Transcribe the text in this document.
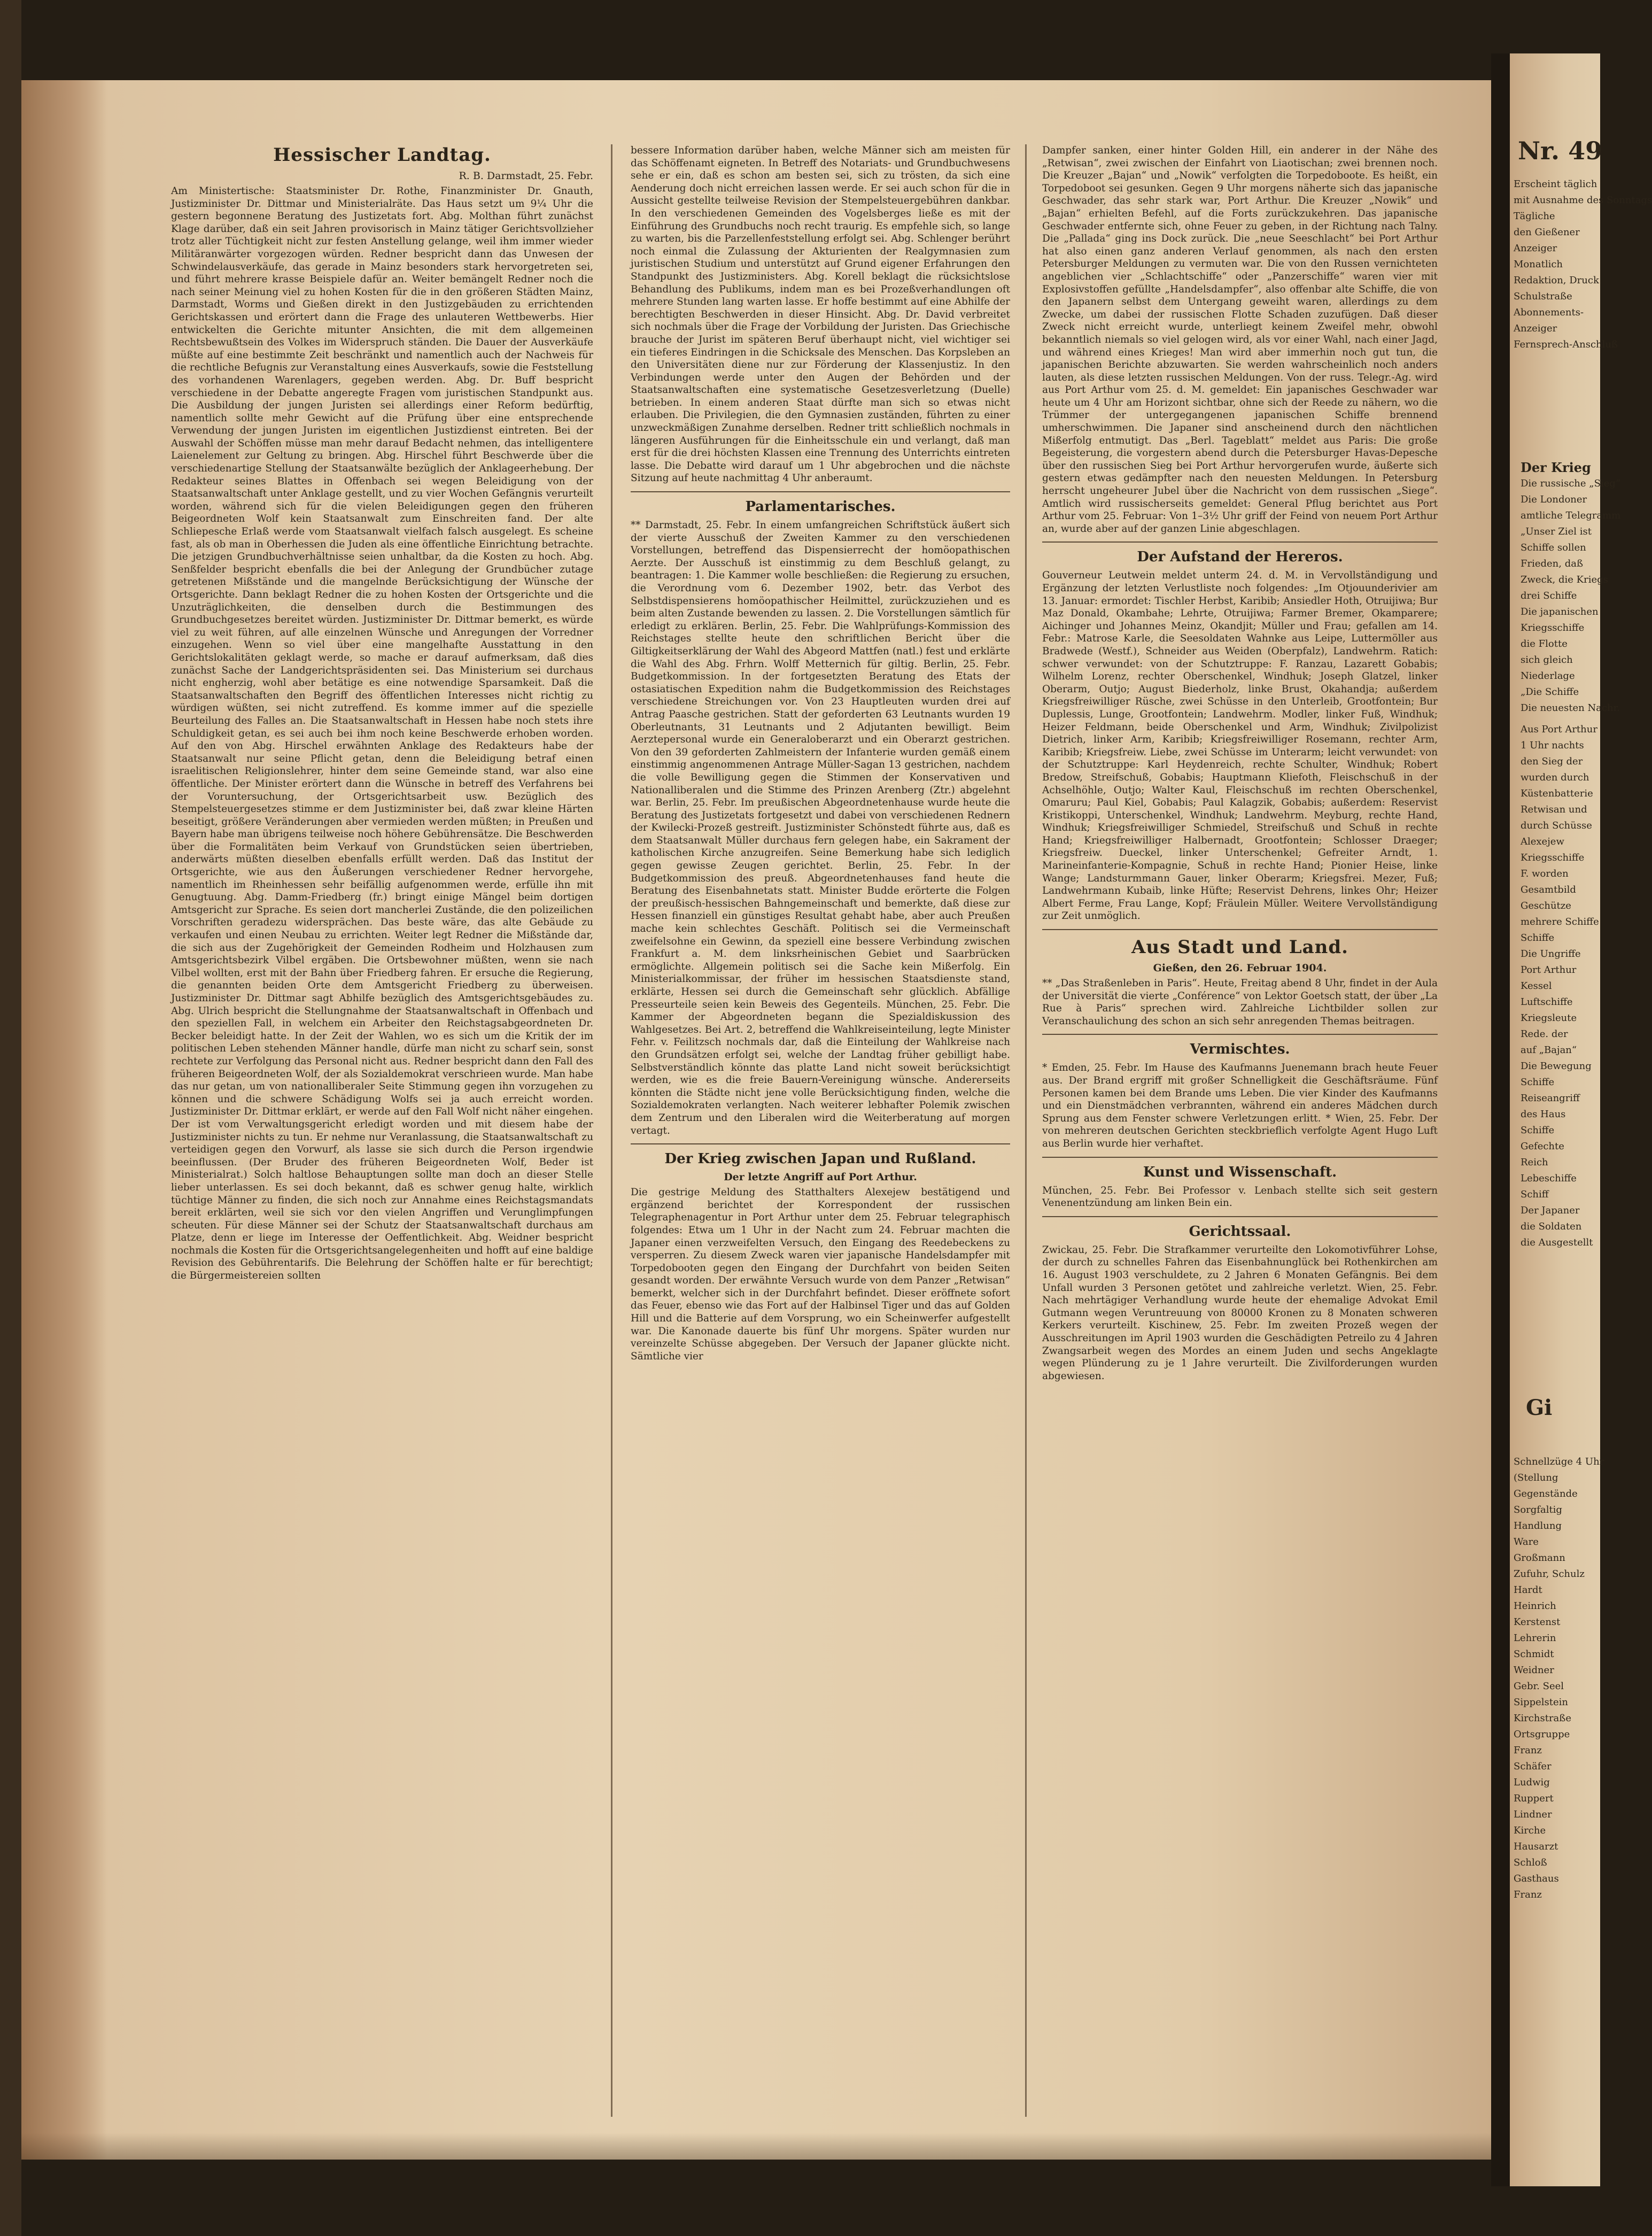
Hessischer Landtag.

R. B. Darmstadt, 25. Febr.

Am Ministertische: Staatsminister Dr. Rothe, Finanzminister Dr. Gnauth, Justizminister Dr. Dittmar und Ministerialräte. Das Haus setzt um 9¼ Uhr die gestern begonnene Beratung des Justizetats fort. Abg. Molthan führt zunächst Klage darüber, daß ein seit Jahren provisorisch in Mainz tätiger Gerichtsvollzieher trotz aller Tüchtigkeit nicht zur festen Anstellung gelange, weil ihm immer wieder Militäranwärter vorgezogen würden. Redner bespricht dann das Unwesen der Schwindelausverkäufe, das gerade in Mainz besonders stark hervorgetreten sei, und führt mehrere krasse Beispiele dafür an. Weiter bemängelt Redner noch die nach seiner Meinung viel zu hohen Kosten für die in den größeren Städten Mainz, Darmstadt, Worms und Gießen direkt in den Justizgebäuden zu errichtenden Gerichtskassen und erörtert dann die Frage des unlauteren Wettbewerbs. Hier entwickelten die Gerichte mitunter Ansichten, die mit dem allgemeinen Rechtsbewußtsein des Volkes im Widerspruch ständen. Die Dauer der Ausverkäufe müßte auf eine bestimmte Zeit beschränkt und namentlich auch der Nachweis für die rechtliche Befugnis zur Veranstaltung eines Ausverkaufs, sowie die Feststellung des vorhandenen Warenlagers, gegeben werden. Abg. Dr. Buff bespricht verschiedene in der Debatte angeregte Fragen vom juristischen Standpunkt aus. Die Ausbildung der jungen Juristen sei allerdings einer Reform bedürftig, namentlich sollte mehr Gewicht auf die Prüfung über eine entsprechende Verwendung der jungen Juristen im eigentlichen Justizdienst eintreten. Bei der Auswahl der Schöffen müsse man mehr darauf Bedacht nehmen, das intelligentere Laienelement zur Geltung zu bringen. Abg. Hirschel führt Beschwerde über die verschiedenartige Stellung der Staatsanwälte bezüglich der Anklageerhebung. Der Redakteur seines Blattes in Offenbach sei wegen Beleidigung von der Staatsanwaltschaft unter Anklage gestellt, und zu vier Wochen Gefängnis verurteilt worden, während sich für die vielen Beleidigungen gegen den früheren Beigeordneten Wolf kein Staatsanwalt zum Einschreiten fand. Der alte Schliepesche Erlaß werde vom Staatsanwalt vielfach falsch ausgelegt. Es scheine fast, als ob man in Oberhessen die Juden als eine öffentliche Einrichtung betrachte. Die jetzigen Grundbuchverhältnisse seien unhaltbar, da die Kosten zu hoch. Abg. Senßfelder bespricht ebenfalls die bei der Anlegung der Grundbücher zutage getretenen Mißstände und die mangelnde Berücksichtigung der Wünsche der Ortsgerichte. Dann beklagt Redner die zu hohen Kosten der Ortsgerichte und die Unzuträglichkeiten, die denselben durch die Bestimmungen des Grundbuchgesetzes bereitet würden. Justizminister Dr. Dittmar bemerkt, es würde viel zu weit führen, auf alle einzelnen Wünsche und Anregungen der Vorredner einzugehen. Wenn so viel über eine mangelhafte Ausstattung in den Gerichtslokalitäten geklagt werde, so mache er darauf aufmerksam, daß dies zunächst Sache der Landgerichtspräsidenten sei. Das Ministerium sei durchaus nicht engherzig, wohl aber betätige es eine notwendige Sparsamkeit. Daß die Staatsanwaltschaften den Begriff des öffentlichen Interesses nicht richtig zu würdigen wüßten, sei nicht zutreffend. Es komme immer auf die spezielle Beurteilung des Falles an. Die Staatsanwaltschaft in Hessen habe noch stets ihre Schuldigkeit getan, es sei auch bei ihm noch keine Beschwerde erhoben worden. Auf den von Abg. Hirschel erwähnten Anklage des Redakteurs habe der Staatsanwalt nur seine Pflicht getan, denn die Beleidigung betraf einen israelitischen Religionslehrer, hinter dem seine Gemeinde stand, war also eine öffentliche. Der Minister erörtert dann die Wünsche in betreff des Verfahrens bei der Voruntersuchung, der Ortsgerichtsarbeit usw. Bezüglich des Stempelsteuergesetzes stimme er dem Justizminister bei, daß zwar kleine Härten beseitigt, größere Veränderungen aber vermieden werden müßten; in Preußen und Bayern habe man übrigens teilweise noch höhere Gebührensätze. Die Beschwerden über die Formalitäten beim Verkauf von Grundstücken seien übertrieben, anderwärts müßten dieselben ebenfalls erfüllt werden. Daß das Institut der Ortsgerichte, wie aus den Äußerungen verschiedener Redner hervorgehe, namentlich im Rheinhessen sehr beifällig aufgenommen werde, erfülle ihn mit Genugtuung. Abg. Damm-Friedberg (fr.) bringt einige Mängel beim dortigen Amtsgericht zur Sprache. Es seien dort mancherlei Zustände, die den polizeilichen Vorschriften geradezu widersprächen. Das beste wäre, das alte Gebäude zu verkaufen und einen Neubau zu errichten. Weiter legt Redner die Mißstände dar, die sich aus der Zugehörigkeit der Gemeinden Rodheim und Holzhausen zum Amtsgerichtsbezirk Vilbel ergäben. Die Ortsbewohner müßten, wenn sie nach Vilbel wollten, erst mit der Bahn über Friedberg fahren. Er ersuche die Regierung, die genannten beiden Orte dem Amtsgericht Friedberg zu überweisen. Justizminister Dr. Dittmar sagt Abhilfe bezüglich des Amtsgerichtsgebäudes zu. Abg. Ulrich bespricht die Stellungnahme der Staatsanwaltschaft in Offenbach und den speziellen Fall, in welchem ein Arbeiter den Reichstagsabgeordneten Dr. Becker beleidigt hatte. In der Zeit der Wahlen, wo es sich um die Kritik der im politischen Leben stehenden Männer handle, dürfe man nicht zu scharf sein, sonst rechtete zur Verfolgung das Personal nicht aus. Redner bespricht dann den Fall des früheren Beigeordneten Wolf, der als Sozialdemokrat verschrieen wurde. Man habe das nur getan, um von nationalliberaler Seite Stimmung gegen ihn vorzugehen zu können und die schwere Schädigung Wolfs sei ja auch erreicht worden. Justizminister Dr. Dittmar erklärt, er werde auf den Fall Wolf nicht näher eingehen. Der ist vom Verwaltungsgericht erledigt worden und mit diesem habe der Justizminister nichts zu tun. Er nehme nur Veranlassung, die Staatsanwaltschaft zu verteidigen gegen den Vorwurf, als lasse sie sich durch die Person irgendwie beeinflussen. (Der Bruder des früheren Beigeordneten Wolf, Beder ist Ministerialrat.) Solch haltlose Behauptungen sollte man doch an dieser Stelle lieber unterlassen. Es sei doch bekannt, daß es schwer genug halte, wirklich tüchtige Männer zu finden, die sich noch zur Annahme eines Reichstagsmandats bereit erklärten, weil sie sich vor den vielen Angriffen und Verunglimpfungen scheuten. Für diese Männer sei der Schutz der Staatsanwaltschaft durchaus am Platze, denn er liege im Interesse der Oeffentlichkeit. Abg. Weidner bespricht nochmals die Kosten für die Ortsgerichtsangelegenheiten und hofft auf eine baldige Revision des Gebührentarifs. Die Belehrung der Schöffen halte er für berechtigt; die Bürgermeistereien sollten

bessere Information darüber haben, welche Männer sich am meisten für das Schöffenamt eigneten. In Betreff des Notariats- und Grundbuchwesens sehe er ein, daß es schon am besten sei, sich zu trösten, da sich eine Aenderung doch nicht erreichen lassen werde. Er sei auch schon für die in Aussicht gestellte teilweise Revision der Stempelsteuergebühren dankbar. In den verschiedenen Gemeinden des Vogelsberges ließe es mit der Einführung des Grundbuchs noch recht traurig. Es empfehle sich, so lange zu warten, bis die Parzellenfeststellung erfolgt sei. Abg. Schlenger berührt noch einmal die Zulassung der Akturienten der Realgymnasien zum juristischen Studium und unterstützt auf Grund eigener Erfahrungen den Standpunkt des Justizministers. Abg. Korell beklagt die rücksichtslose Behandlung des Publikums, indem man es bei Prozeßverhandlungen oft mehrere Stunden lang warten lasse. Er hoffe bestimmt auf eine Abhilfe der berechtigten Beschwerden in dieser Hinsicht. Abg. Dr. David verbreitet sich nochmals über die Frage der Vorbildung der Juristen. Das Griechische brauche der Jurist im späteren Beruf überhaupt nicht, viel wichtiger sei ein tieferes Eindringen in die Schicksale des Menschen. Das Korpsleben an den Universitäten diene nur zur Förderung der Klassenjustiz. In den Verbindungen werde unter den Augen der Behörden und der Staatsanwaltschaften eine systematische Gesetzesverletzung (Duelle) betrieben. In einem anderen Staat dürfte man sich so etwas nicht erlauben. Die Privilegien, die den Gymnasien zuständen, führten zu einer unzweckmäßigen Zunahme derselben. Redner tritt schließlich nochmals in längeren Ausführungen für die Einheitsschule ein und verlangt, daß man erst für die drei höchsten Klassen eine Trennung des Unterrichts eintreten lasse. Die Debatte wird darauf um 1 Uhr abgebrochen und die nächste Sitzung auf heute nachmittag 4 Uhr anberaumt.

Parlamentarisches.

** Darmstadt, 25. Febr. In einem umfangreichen Schriftstück äußert sich der vierte Ausschuß der Zweiten Kammer zu den verschiedenen Vorstellungen, betreffend das Dispensierrecht der homöopathischen Aerzte. Der Ausschuß ist einstimmig zu dem Beschluß gelangt, zu beantragen: 1. Die Kammer wolle beschließen: die Regierung zu ersuchen, die Verordnung vom 6. Dezember 1902, betr. das Verbot des Selbstdispensierens homöopathischer Heilmittel, zurückzuziehen und es beim alten Zustande bewenden zu lassen. 2. Die Vorstellungen sämtlich für erledigt zu erklären. Berlin, 25. Febr. Die Wahlprüfungs-Kommission des Reichstages stellte heute den schriftlichen Bericht über die Giltigkeitserklärung der Wahl des Abgeord Mattfen (natl.) fest und erklärte die Wahl des Abg. Frhrn. Wolff Metternich für giltig. Berlin, 25. Febr. Budgetkommission. In der fortgesetzten Beratung des Etats der ostasiatischen Expedition nahm die Budgetkommission des Reichstages verschiedene Streichungen vor. Von 23 Hauptleuten wurden drei auf Antrag Paasche gestrichen. Statt der geforderten 63 Leutnants wurden 19 Oberleutnants, 31 Leutnants und 2 Adjutanten bewilligt. Beim Aerztepersonal wurde ein Generaloberarzt und ein Oberarzt gestrichen. Von den 39 geforderten Zahlmeistern der Infanterie wurden gemäß einem einstimmig angenommenen Antrage Müller-Sagan 13 gestrichen, nachdem die volle Bewilligung gegen die Stimmen der Konservativen und Nationalliberalen und die Stimme des Prinzen Arenberg (Ztr.) abgelehnt war. Berlin, 25. Febr. Im preußischen Abgeordnetenhause wurde heute die Beratung des Justizetats fortgesetzt und dabei von verschiedenen Rednern der Kwilecki-Prozeß gestreift. Justizminister Schönstedt führte aus, daß es dem Staatsanwalt Müller durchaus fern gelegen habe, ein Sakrament der katholischen Kirche anzugreifen. Seine Bemerkung habe sich lediglich gegen gewisse Zeugen gerichtet. Berlin, 25. Febr. In der Budgetkommission des preuß. Abgeordnetenhauses fand heute die Beratung des Eisenbahnetats statt. Minister Budde erörterte die Folgen der preußisch-hessischen Bahngemeinschaft und bemerkte, daß diese zur Hessen finanziell ein günstiges Resultat gehabt habe, aber auch Preußen mache kein schlechtes Geschäft. Politisch sei die Vermeinschaft zweifelsohne ein Gewinn, da speziell eine bessere Verbindung zwischen Frankfurt a. M. dem linksrheinischen Gebiet und Saarbrücken ermöglichte. Allgemein politisch sei die Sache kein Mißerfolg. Ein Ministerialkommissar, der früher im hessischen Staatsdienste stand, erklärte, Hessen sei durch die Gemeinschaft sehr glücklich. Abfällige Presseurteile seien kein Beweis des Gegenteils. München, 25. Febr. Die Kammer der Abgeordneten begann die Spezialdiskussion des Wahlgesetzes. Bei Art. 2, betreffend die Wahlkreiseinteilung, legte Minister Fehr. v. Feilitzsch nochmals dar, daß die Einteilung der Wahlkreise nach den Grundsätzen erfolgt sei, welche der Landtag früher gebilligt habe. Selbstverständlich könnte das platte Land nicht soweit berücksichtigt werden, wie es die freie Bauern-Vereinigung wünsche. Andererseits könnten die Städte nicht jene volle Berücksichtigung finden, welche die Sozialdemokraten verlangten. Nach weiterer lebhafter Polemik zwischen dem Zentrum und den Liberalen wird die Weiterberatung auf morgen vertagt.

Der Krieg zwischen Japan und Rußland.

Der letzte Angriff auf Port Arthur.

Die gestrige Meldung des Statthalters Alexejew bestätigend und ergänzend berichtet der Korrespondent der russischen Telegraphenagentur in Port Arthur unter dem 25. Februar telegraphisch folgendes: Etwa um 1 Uhr in der Nacht zum 24. Februar machten die Japaner einen verzweifelten Versuch, den Eingang des Reedebeckens zu versperren. Zu diesem Zweck waren vier japanische Handelsdampfer mit Torpedobooten gegen den Eingang der Durchfahrt von beiden Seiten gesandt worden. Der erwähnte Versuch wurde von dem Panzer „Retwisan“ bemerkt, welcher sich in der Durchfahrt befindet. Dieser eröffnete sofort das Feuer, ebenso wie das Fort auf der Halbinsel Tiger und das auf Golden Hill und die Batterie auf dem Vorsprung, wo ein Scheinwerfer aufgestellt war. Die Kanonade dauerte bis fünf Uhr morgens. Später wurden nur vereinzelte Schüsse abgegeben. Der Versuch der Japaner glückte nicht. Sämtliche vier

Dampfer sanken, einer hinter Golden Hill, ein anderer in der Nähe des „Retwisan“, zwei zwischen der Einfahrt von Liaotischan; zwei brennen noch. Die Kreuzer „Bajan“ und „Nowik“ verfolgten die Torpedoboote. Es heißt, ein Torpedoboot sei gesunken. Gegen 9 Uhr morgens näherte sich das japanische Geschwader, das sehr stark war, Port Arthur. Die Kreuzer „Nowik“ und „Bajan“ erhielten Befehl, auf die Forts zurückzukehren. Das japanische Geschwader entfernte sich, ohne Feuer zu geben, in der Richtung nach Talny. Die „Pallada“ ging ins Dock zurück. Die „neue Seeschlacht“ bei Port Arthur hat also einen ganz anderen Verlauf genommen, als nach den ersten Petersburger Meldungen zu vermuten war. Die von den Russen vernichteten angeblichen vier „Schlachtschiffe“ oder „Panzerschiffe“ waren vier mit Explosivstoffen gefüllte „Handelsdampfer“, also offenbar alte Schiffe, die von den Japanern selbst dem Untergang geweiht waren, allerdings zu dem Zwecke, um dabei der russischen Flotte Schaden zuzufügen. Daß dieser Zweck nicht erreicht wurde, unterliegt keinem Zweifel mehr, obwohl bekanntlich niemals so viel gelogen wird, als vor einer Wahl, nach einer Jagd, und während eines Krieges! Man wird aber immerhin noch gut tun, die japanischen Berichte abzuwarten. Sie werden wahrscheinlich noch anders lauten, als diese letzten russischen Meldungen. Von der russ. Telegr.-Ag. wird aus Port Arthur vom 25. d. M. gemeldet: Ein japanisches Geschwader war heute um 4 Uhr am Horizont sichtbar, ohne sich der Reede zu nähern, wo die Trümmer der untergegangenen japanischen Schiffe brennend umherschwimmen. Die Japaner sind anscheinend durch den nächtlichen Mißerfolg entmutigt. Das „Berl. Tageblatt“ meldet aus Paris: Die große Begeisterung, die vorgestern abend durch die Petersburger Havas-Depesche über den russischen Sieg bei Port Arthur hervorgerufen wurde, äußerte sich gestern etwas gedämpfter nach den neuesten Meldungen. In Petersburg herrscht ungeheurer Jubel über die Nachricht von dem russischen „Siege“. Amtlich wird russischerseits gemeldet: General Pflug berichtet aus Port Arthur vom 25. Februar: Von 1–3½ Uhr griff der Feind von neuem Port Arthur an, wurde aber auf der ganzen Linie abgeschlagen.

Der Aufstand der Hereros.

Gouverneur Leutwein meldet unterm 24. d. M. in Vervollständigung und Ergänzung der letzten Verlustliste noch folgendes: „Im Otjouunderivier am 13. Januar: ermordet: Tischler Herbst, Karibib; Ansiedler Hoth, Otruijiwa; Bur Maz Donald, Okambahe; Lehrte, Otruijiwa; Farmer Bremer, Okamparere; Aichinger und Johannes Meinz, Okandjit; Müller und Frau; gefallen am 14. Febr.: Matrose Karle, die Seesoldaten Wahnke aus Leipe, Luttermöller aus Bradwede (Westf.), Schneider aus Weiden (Oberpfalz), Landwehrm. Ratich: schwer verwundet: von der Schutztruppe: F. Ranzau, Lazarett Gobabis; Wilhelm Lorenz, rechter Oberschenkel, Windhuk; Joseph Glatzel, linker Oberarm, Outjo; August Biederholz, linke Brust, Okahandja; außerdem Kriegsfreiwilliger Rüsche, zwei Schüsse in den Unterleib, Grootfontein; Bur Duplessis, Lunge, Grootfontein; Landwehrm. Modler, linker Fuß, Windhuk; Heizer Feldmann, beide Oberschenkel und Arm, Windhuk; Zivilpolizist Dietrich, linker Arm, Karibib; Kriegsfreiwilliger Rosemann, rechter Arm, Karibib; Kriegsfreiw. Liebe, zwei Schüsse im Unterarm; leicht verwundet: von der Schutztruppe: Karl Heydenreich, rechte Schulter, Windhuk; Robert Bredow, Streifschuß, Gobabis; Hauptmann Kliefoth, Fleischschuß in der Achselhöhle, Outjo; Walter Kaul, Fleischschuß im rechten Oberschenkel, Omaruru; Paul Kiel, Gobabis; Paul Kalagzik, Gobabis; außerdem: Reservist Kristikoppi, Unterschenkel, Windhuk; Landwehrm. Meyburg, rechte Hand, Windhuk; Kriegsfreiwilliger Schmiedel, Streifschuß und Schuß in rechte Hand; Kriegsfreiwilliger Halbernadt, Grootfontein; Schlosser Draeger; Kriegsfreiw. Dueckel, linker Unterschenkel; Gefreiter Arndt, 1. Marineinfanterie-Kompagnie, Schuß in rechte Hand; Pionier Heise, linke Wange; Landsturmmann Gauer, linker Oberarm; Kriegsfrei. Mezer, Fuß; Landwehrmann Kubaib, linke Hüfte; Reservist Dehrens, linkes Ohr; Heizer Albert Ferme, Frau Lange, Kopf; Fräulein Müller. Weitere Vervollständigung zur Zeit unmöglich.

Aus Stadt und Land.

Gießen, den 26. Februar 1904.

** „Das Straßenleben in Paris“. Heute, Freitag abend 8 Uhr, findet in der Aula der Universität die vierte „Conférence“ von Lektor Goetsch statt, der über „La Rue à Paris“ sprechen wird. Zahlreiche Lichtbilder sollen zur Veranschaulichung des schon an sich sehr anregenden Themas beitragen.

Vermischtes.

* Emden, 25. Febr. Im Hause des Kaufmanns Juenemann brach heute Feuer aus. Der Brand ergriff mit großer Schnelligkeit die Geschäftsräume. Fünf Personen kamen bei dem Brande ums Leben. Die vier Kinder des Kaufmanns und ein Dienstmädchen verbrannten, während ein anderes Mädchen durch Sprung aus dem Fenster schwere Verletzungen erlitt. * Wien, 25. Febr. Der von mehreren deutschen Gerichten steckbrieflich verfolgte Agent Hugo Luft aus Berlin wurde hier verhaftet.

Kunst und Wissenschaft.

München, 25. Febr. Bei Professor v. Lenbach stellte sich seit gestern Venenentzündung am linken Bein ein.

Gerichtssaal.

Zwickau, 25. Febr. Die Strafkammer verurteilte den Lokomotivführer Lohse, der durch zu schnelles Fahren das Eisenbahnunglück bei Rothenkirchen am 16. August 1903 verschuldete, zu 2 Jahren 6 Monaten Gefängnis. Bei dem Unfall wurden 3 Personen getötet und zahlreiche verletzt. Wien, 25. Febr. Nach mehrtägiger Verhandlung wurde heute der ehemalige Advokat Emil Gutmann wegen Veruntreuung von 80000 Kronen zu 8 Monaten schweren Kerkers verurteilt. Kischinew, 25. Febr. Im zweiten Prozeß wegen der Ausschreitungen im April 1903 wurden die Geschädigten Petreilo zu 4 Jahren Zwangsarbeit wegen des Mordes an einem Juden und sechs Angeklagte wegen Plünderung zu je 1 Jahre verurteilt. Die Zivilforderungen wurden abgewiesen.

Nr. 49

Erscheint täglich

mit Ausnahme des Sonntags

Tägliche

den Gießener

Anzeiger

Monatlich

Redaktion, Druck

Schulstraße

Abonnements-

Anzeiger

Fernsprech-Anschluß

Der Krieg

Die russische „Sieg“

Die Londoner

amtliche Telegramm

„Unser Ziel ist

Schiffe sollen

Frieden, daß

Zweck, die Kriegs

drei Schiffe

Die japanischen

Kriegsschiffe

die Flotte

sich gleich

Niederlage

„Die Schiffe

Die neuesten Nachr.

Aus Port Arthur

1 Uhr nachts

den Sieg der

wurden durch

Küstenbatterie

Retwisan und

durch Schüsse

Alexejew

Kriegsschiffe

F. worden

Gesamtbild

Geschütze

mehrere Schiffe

Schiffe

Die Ungriffe

Port Arthur

Kessel

Luftschiffe

Kriegsleute

Rede. der

auf „Bajan“

Die Bewegung

Schiffe

Reiseangriff

des Haus

Schiffe

Gefechte

Reich

Lebeschiffe

Schiff

Der Japaner

die Soldaten

die Ausgestellt

Gi

Schnellzüge 4 Uhr

(Stellung

Gegenstände

Sorgfaltig

Handlung

Ware

Großmann

Zufuhr, Schulz

Hardt

Heinrich

Kerstenst

Lehrerin

Schmidt

Weidner

Gebr. Seel

Sippelstein

Kirchstraße

Ortsgruppe

Franz

Schäfer

Ludwig

Ruppert

Lindner

Kirche

Hausarzt

Schloß

Gasthaus

Franz
